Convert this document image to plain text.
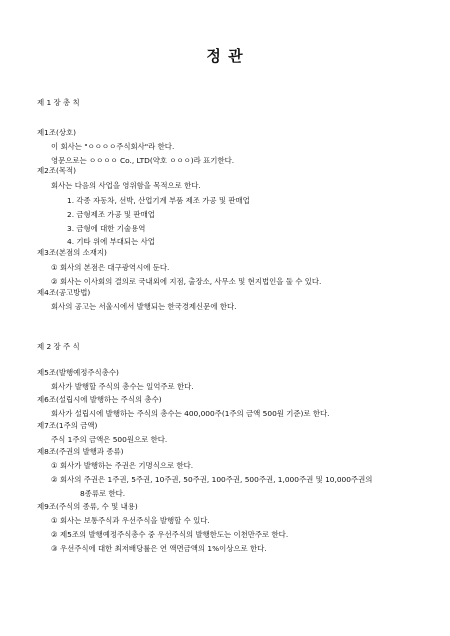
정 관

제 1 장 총 칙

제1조(상호)

이 회사는 "ㅇㅇㅇㅇ주식회사"라 한다.

영문으로는 ㅇㅇㅇㅇ Co., LTD(약호 ㅇㅇㅇ)라 표기한다.

제2조(목적)

회사는 다음의 사업을 영위함을 목적으로 한다.

1. 각종 자동차, 선박, 산업기계 부품 제조 가공 및 판매업

2. 금형제조 가공 및 판매업

3. 금형에 대한 기술용역

4. 기타 위에 부대되는 사업

제3조(본점의 소재지)

① 회사의 본점은 대구광역시에 둔다.

② 회사는 이사회의 결의로 국내외에 지점, 출장소, 사무소 및 현지법인을 둘 수 있다.

제4조(공고방법)

회사의 공고는 서울시에서 발행되는 한국경제신문에 한다.

제 2 장 주 식

제5조(발행예정주식총수)

회사가 발행할 주식의 총수는 일억주로 한다.

제6조(설립시에 발행하는 주식의 총수)

회사가 설립시에 발행하는 주식의 총수는 400,000주(1주의 금액 500원 기준)로 한다.

제7조(1주의 금액)

주식 1주의 금액은 500원으로 한다.

제8조(주권의 발행과 종류)

① 회사가 발행하는 주권은 기명식으로 한다.

② 회사의 주권은 1주권, 5주권, 10주권, 50주권, 100주권, 500주권, 1,000주권 및 10,000주권의

8종류로 한다.

제9조(주식의 종류, 수 및 내용)

① 회사는 보통주식과 우선주식을 발행할 수 있다.

② 제5조의 발행예정주식총수 중 우선주식의 발행한도는 이천만주로 한다.

③ 우선주식에 대한 최저배당률은 연 액면금액의 1%이상으로 한다.
